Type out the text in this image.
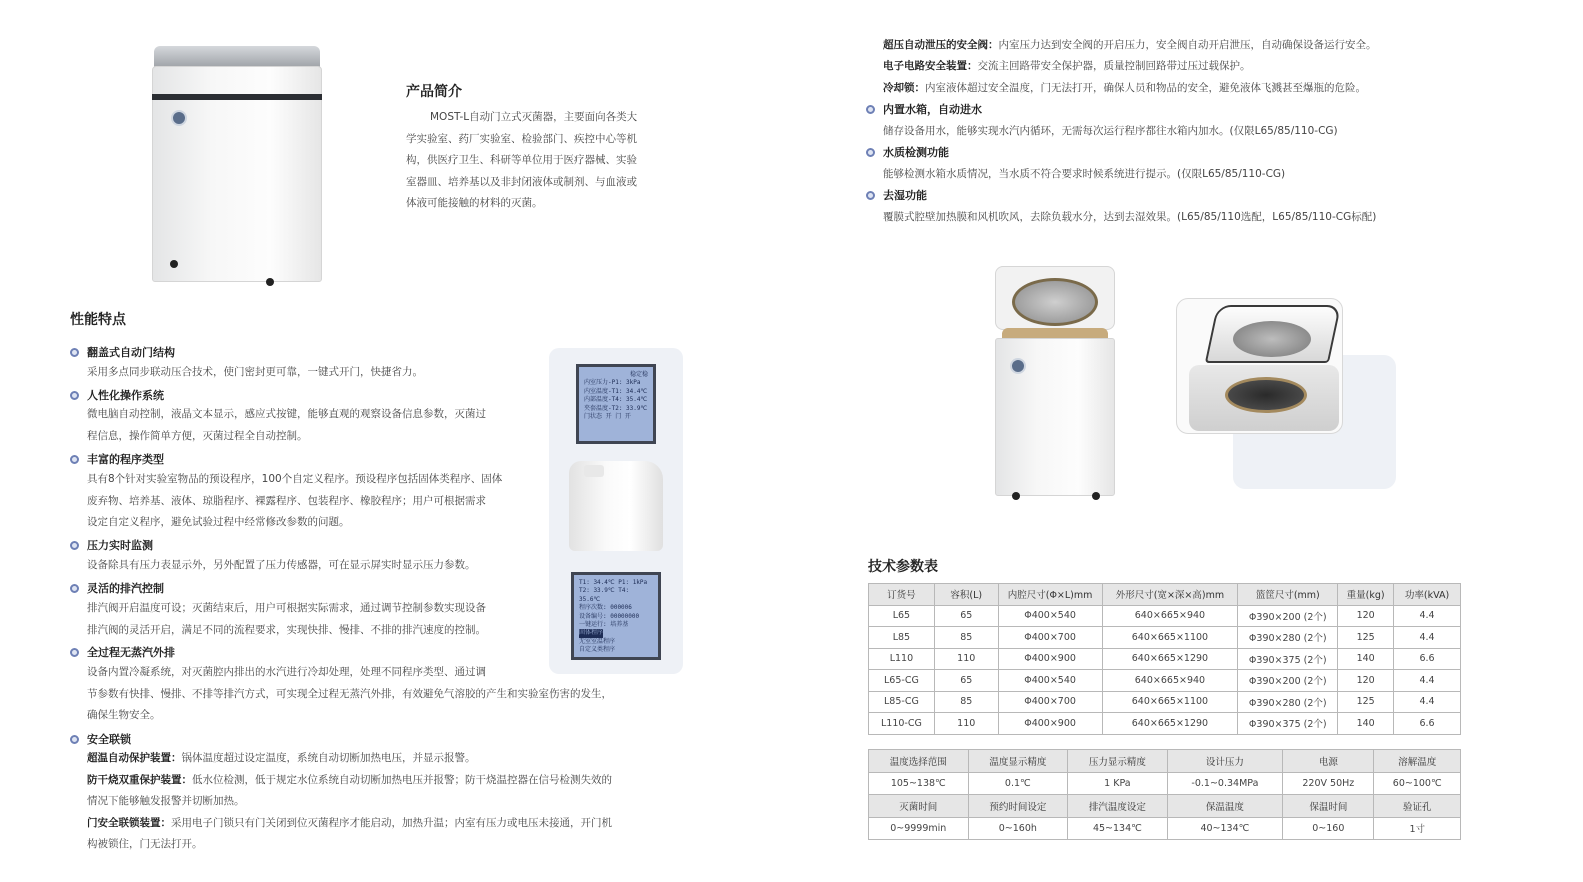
产品简介
MOST-L自动门立式灭菌器，主要面向各类大
学实验室、药厂实验室、检验部门、疾控中心等机
构，供医疗卫生、科研等单位用于医疗器械、实验
室器皿、培养基以及非封闭液体或制剂、与血液或
体液可能接触的材料的灭菌。
性能特点
翻盖式自动门结构
采用多点同步联动压合技术，使门密封更可靠，一键式开门，快捷省力。
人性化操作系统
微电脑自动控制，液晶文本显示，感应式按键，能够直观的观察设备信息参数，灭菌过
程信息，操作简单方便，灭菌过程全自动控制。
丰富的程序类型
具有8个针对实验室物品的预设程序，100个自定义程序。预设程序包括固体类程序、固体
废弃物、培养基、液体、琼脂程序、裸露程序、包装程序、橡胶程序；用户可根据需求
设定自定义程序，避免试验过程中经常修改参数的问题。
压力实时监测
设备除具有压力表显示外，另外配置了压力传感器，可在显示屏实时显示压力参数。
灵活的排汽控制
排汽阀开启温度可设；灭菌结束后，用户可根据实际需求，通过调节控制参数实现设备
排汽阀的灵活开启，满足不同的流程要求，实现快排、慢排、不排的排汽速度的控制。
全过程无蒸汽外排
设备内置冷凝系统，对灭菌腔内排出的水汽进行冷却处理，处理不同程序类型、通过调
节参数有快排、慢排、不排等排汽方式，可实现全过程无蒸汽外排，有效避免气溶胶的产生和实验室伤害的发生，
确保生物安全。
安全联锁
超温自动保护装置：锅体温度超过设定温度，系统自动切断加热电压，并显示报警。
防干烧双重保护装置：低水位检测，低于规定水位系统自动切断加热电压并报警；防干烧温控器在信号检测失效的
情况下能够触发报警并切断加热。
门安全联锁装置：采用电子门锁只有门关闭到位灭菌程序才能启动，加热升温；内室有压力或电压未接通，开门机
构被锁住，门无法打开。
稳定稳
内室压力-P1: 3kPa
内室温度-T1: 34.4℃
内部温度-T4: 35.4℃
夹套温度-T2: 33.9℃
门状态 开 门 开
T1: 34.4℃ P1: 1kPa
T2: 33.9℃ T4: 35.6℃
程序次数: 000006
设备编号: 00000000
一键运行: 培养基
固体程序
无室室温程序
自定义类程序
超压自动泄压的安全阀：内室压力达到安全阀的开启压力，安全阀自动开启泄压，自动确保设备运行安全。
电子电路安全装置：交流主回路带安全保护器，质量控制回路带过压过载保护。
冷却锁：内室液体超过安全温度，门无法打开，确保人员和物品的安全，避免液体飞溅甚至爆瓶的危险。
内置水箱，自动进水
储存设备用水，能够实现水汽内循环，无需每次运行程序都往水箱内加水。(仅限L65/85/110-CG)
水质检测功能
能够检测水箱水质情况，当水质不符合要求时候系统进行提示。(仅限L65/85/110-CG)
去湿功能
覆膜式腔壁加热膜和风机吹风，去除负载水分，达到去湿效果。(L65/85/110选配，L65/85/110-CG标配)
技术参数表
订货号	容积(L)	内腔尺寸(Φ×L)mm	外形尺寸(宽×深×高)mm	篮筐尺寸(mm)	重量(kg)	功率(kVA)
L65	65	Φ400×540	640×665×940	Φ390×200 (2个)	120	4.4
L85	85	Φ400×700	640×665×1100	Φ390×280 (2个)	125	4.4
L110	110	Φ400×900	640×665×1290	Φ390×375 (2个)	140	6.6
L65-CG	65	Φ400×540	640×665×940	Φ390×200 (2个)	120	4.4
L85-CG	85	Φ400×700	640×665×1100	Φ390×280 (2个)	125	4.4
L110-CG	110	Φ400×900	640×665×1290	Φ390×375 (2个)	140	6.6
温度选择范围	温度显示精度	压力显示精度	设计压力	电源	溶解温度
105~138℃	0.1℃	1 KPa	-0.1~0.34MPa	220V 50Hz	60~100℃
灭菌时间	预约时间设定	排汽温度设定	保温温度	保温时间	验证孔
0~9999min	0~160h	45~134℃	40~134℃	0~160	1寸
